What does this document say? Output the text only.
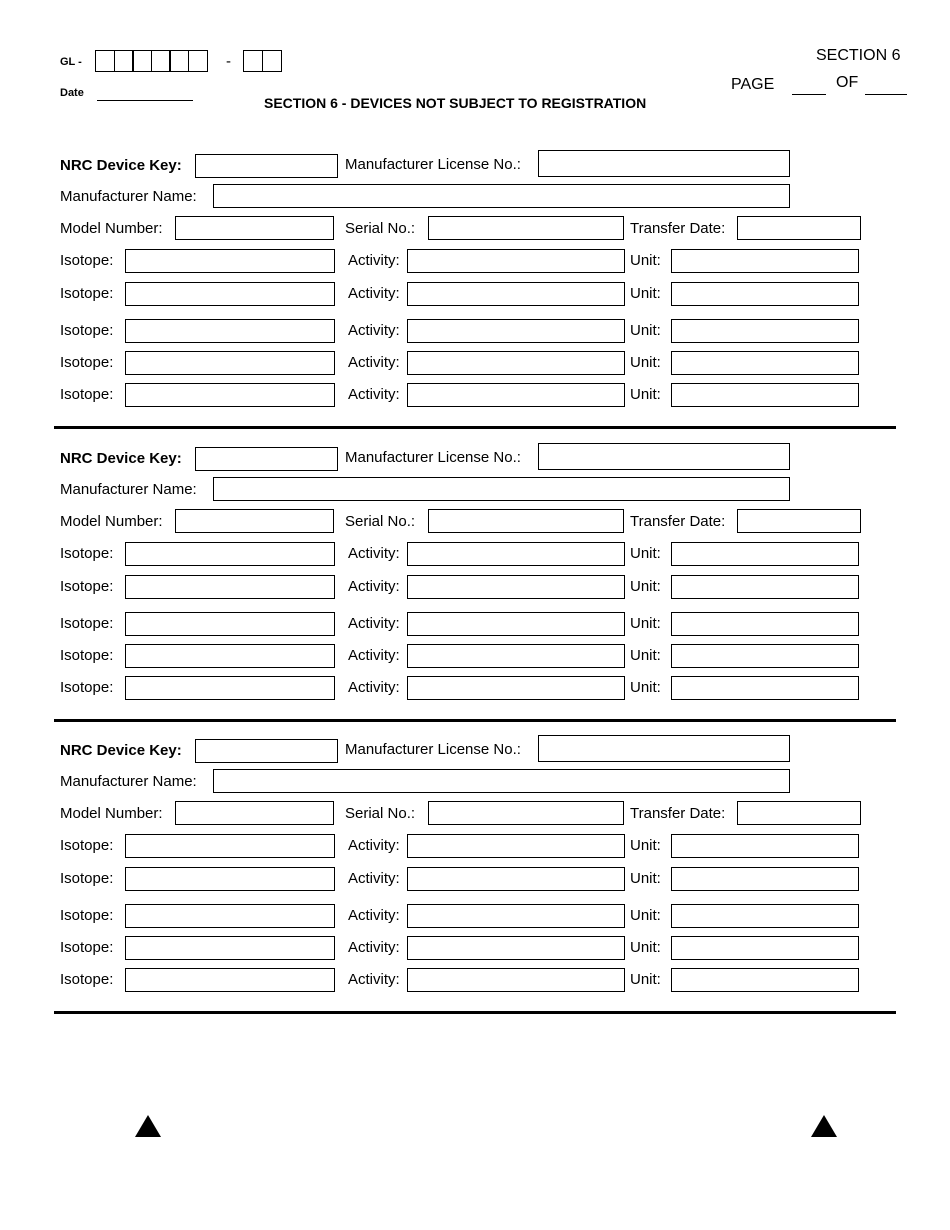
GL -	-
Date
SECTION 6
PAGE	OF
SECTION 6 - DEVICES NOT SUBJECT TO REGISTRATION
NRC Device Key:	Manufacturer License No.:
Manufacturer Name:
Model Number:	Serial No.:	Transfer Date:
Isotope:	Activity:	Unit:
Isotope:	Activity:	Unit:
Isotope:	Activity:	Unit:
Isotope:	Activity:	Unit:
Isotope:	Activity:	Unit:
NRC Device Key:	Manufacturer License No.:
Manufacturer Name:
Model Number:	Serial No.:	Transfer Date:
Isotope:	Activity:	Unit:
Isotope:	Activity:	Unit:
Isotope:	Activity:	Unit:
Isotope:	Activity:	Unit:
Isotope:	Activity:	Unit:
NRC Device Key:	Manufacturer License No.:
Manufacturer Name:
Model Number:	Serial No.:	Transfer Date:
Isotope:	Activity:	Unit:
Isotope:	Activity:	Unit:
Isotope:	Activity:	Unit:
Isotope:	Activity:	Unit:
Isotope:	Activity:	Unit:
